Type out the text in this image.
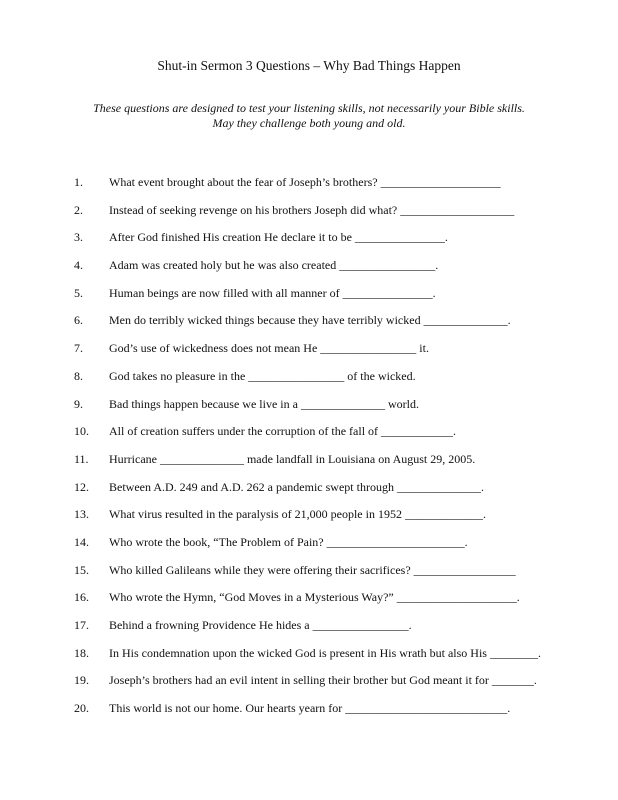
Shut-in Sermon 3 Questions – Why Bad Things Happen
These questions are designed to test your listening skills, not necessarily your Bible skills.
May they challenge both young and old.
1. What event brought about the fear of Joseph’s brothers? ____________________
2. Instead of seeking revenge on his brothers Joseph did what? ___________________
3. After God finished His creation He declare it to be _______________.
4. Adam was created holy but he was also created ________________.
5. Human beings are now filled with all manner of _______________.
6. Men do terribly wicked things because they have terribly wicked ______________.
7. God’s use of wickedness does not mean He ________________ it.
8. God takes no pleasure in the ________________ of the wicked.
9. Bad things happen because we live in a ______________ world.
10. All of creation suffers under the corruption of the fall of ____________.
11. Hurricane ______________ made landfall in Louisiana on August 29, 2005.
12. Between A.D. 249 and A.D. 262 a pandemic swept through ______________.
13. What virus resulted in the paralysis of 21,000 people in 1952 _____________.
14. Who wrote the book, “The Problem of Pain? _______________________.
15. Who killed Galileans while they were offering their sacrifices? _________________
16. Who wrote the Hymn, “God Moves in a Mysterious Way?” ____________________.
17. Behind a frowning Providence He hides a ________________.
18. In His condemnation upon the wicked God is present in His wrath but also His ________.
19. Joseph’s brothers had an evil intent in selling their brother but God meant it for _______.
20. This world is not our home. Our hearts yearn for ___________________________.
